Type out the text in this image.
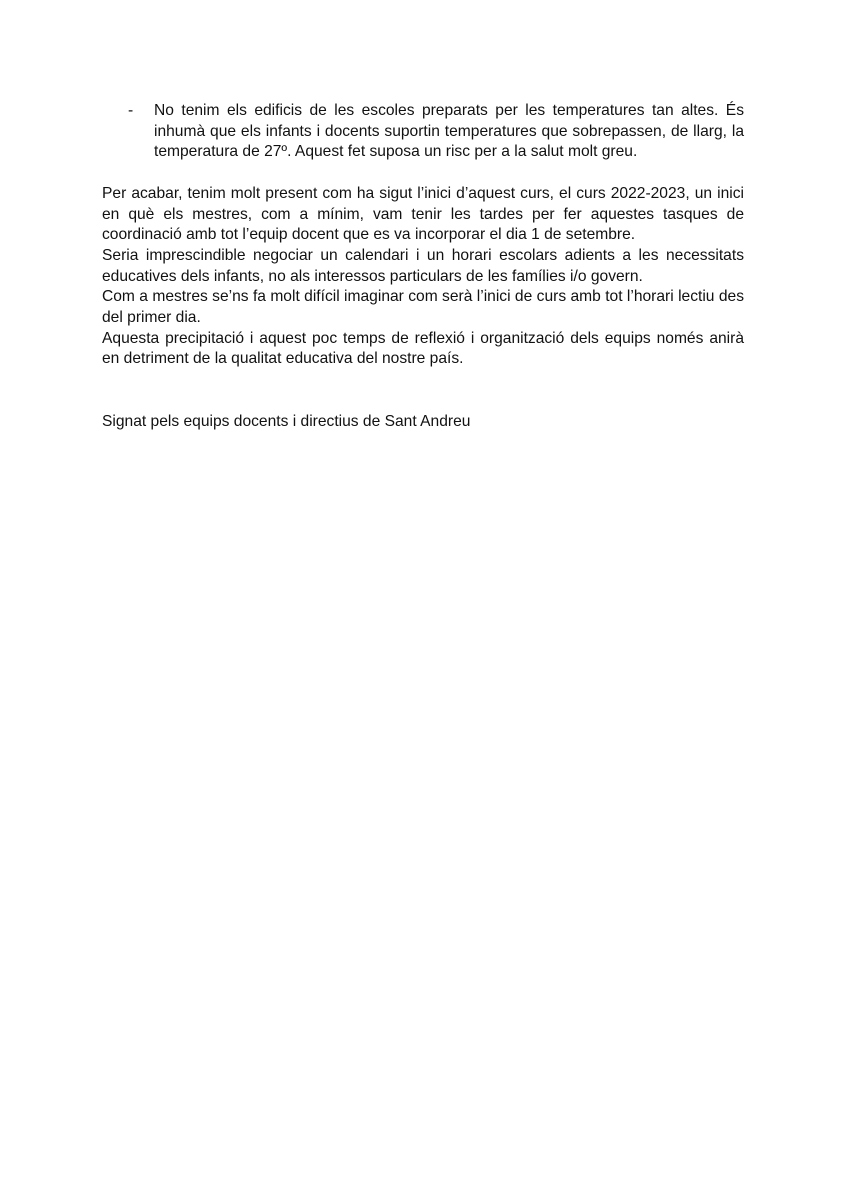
- No tenim els edificis de les escoles preparats per les temperatures tan altes. És inhumà que els infants i docents suportin temperatures que sobrepassen, de llarg, la temperatura de 27º. Aquest fet suposa un risc per a la salut molt greu.

Per acabar, tenim molt present com ha sigut l’inici d’aquest curs, el curs 2022-2023, un inici en què els mestres, com a mínim, vam tenir les tardes per fer aquestes tasques de coordinació amb tot l’equip docent que es va incorporar el dia 1 de setembre.

Seria imprescindible negociar un calendari i un horari escolars adients a les necessitats educatives dels infants, no als interessos particulars de les famílies i/o govern.

Com a mestres se’ns fa molt difícil imaginar com serà l’inici de curs amb tot l’horari lectiu des del primer dia.

Aquesta precipitació i aquest poc temps de reflexió i organització dels equips només anirà en detriment de la qualitat educativa del nostre país.

Signat pels equips docents i directius de Sant Andreu
